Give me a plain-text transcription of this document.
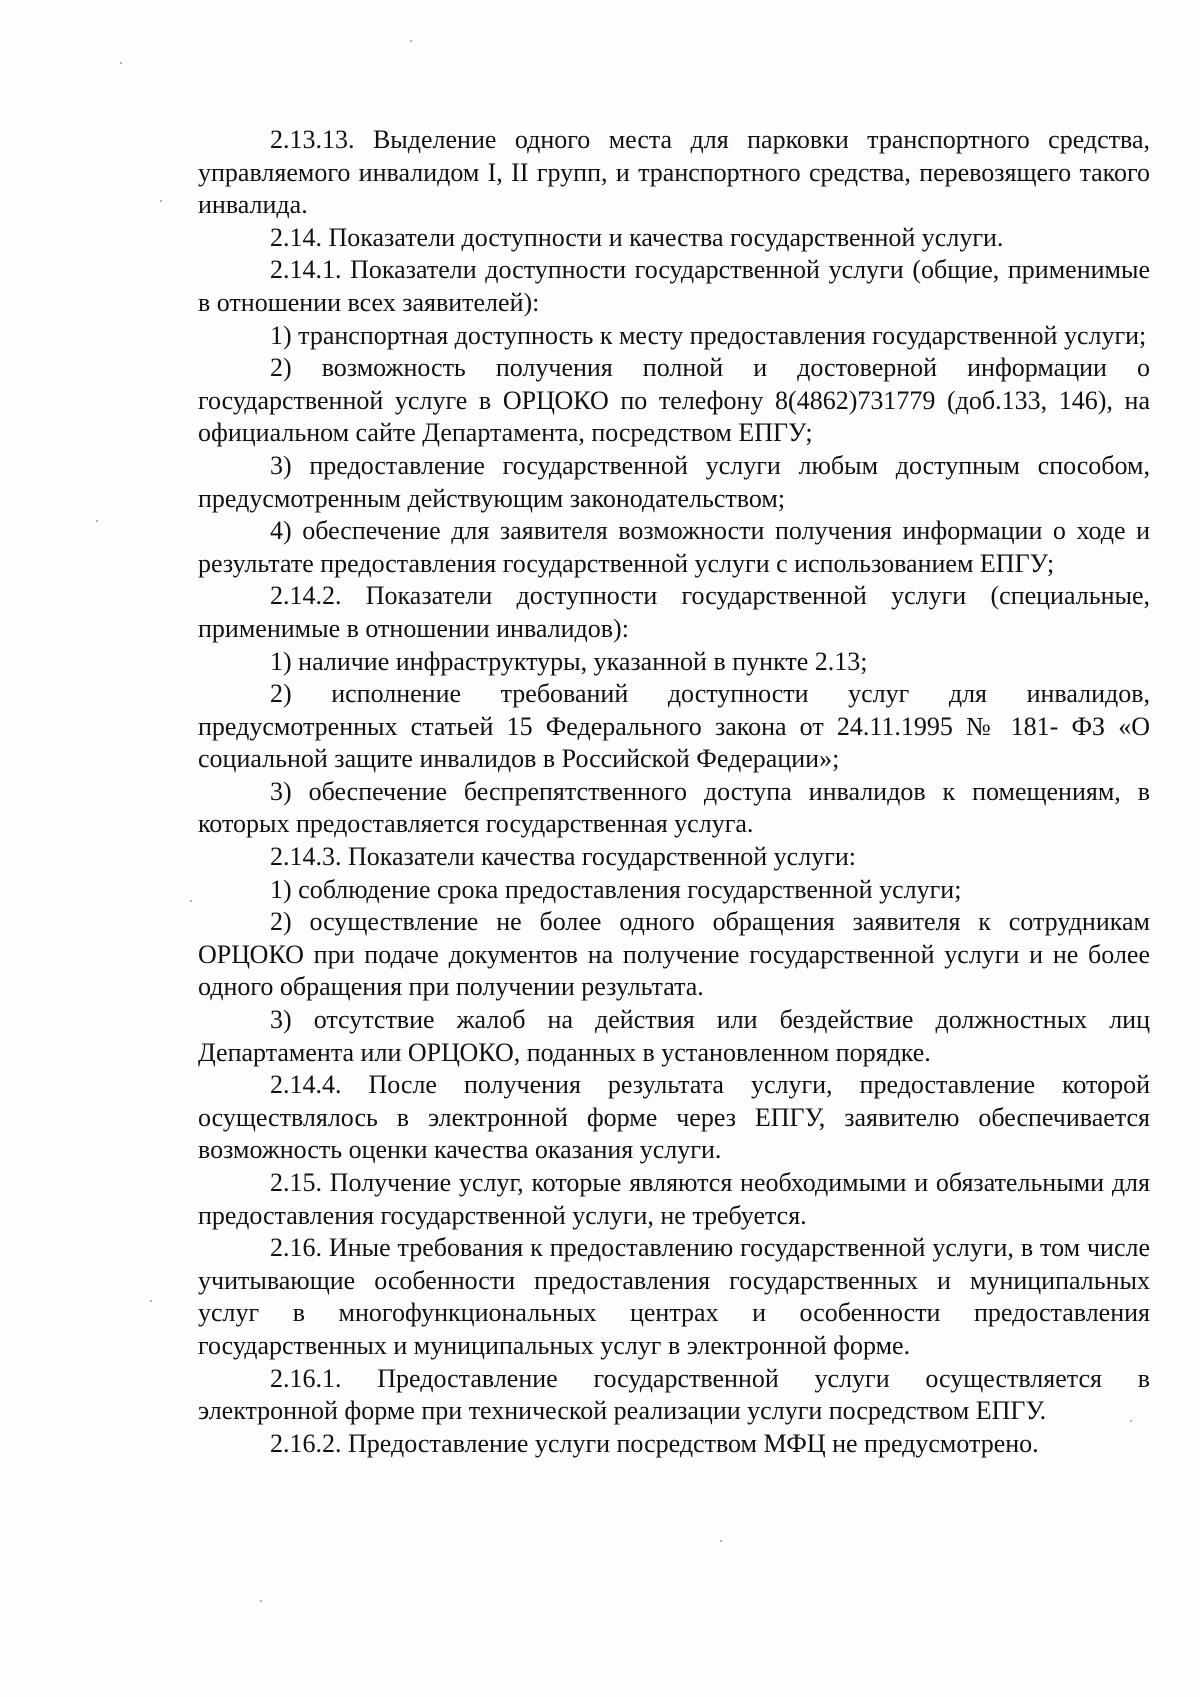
2.13.13. Выделение одного места для парковки транспортного средства, управляемого инвалидом I, II групп, и транспортного средства, перевозящего такого инвалида.

2.14. Показатели доступности и качества государственной услуги.

2.14.1. Показатели доступности государственной услуги (общие, применимые в отношении всех заявителей):

1) транспортная доступность к месту предоставления государственной услуги;

2) возможность получения полной и достоверной информации о государственной услуге в ОРЦОКО по телефону 8(4862)731779 (доб.133, 146), на официальном сайте Департамента, посредством ЕПГУ;

3) предоставление государственной услуги любым доступным способом, предусмотренным действующим законодательством;

4) обеспечение для заявителя возможности получения информации о ходе и результате предоставления государственной услуги с использованием ЕПГУ;

2.14.2. Показатели доступности государственной услуги (специальные, применимые в отношении инвалидов):

1) наличие инфраструктуры, указанной в пункте 2.13;

2) исполнение требований доступности услуг для инвалидов, предусмотренных статьей 15 Федерального закона от 24.11.1995 № 181- ФЗ «О социальной защите инвалидов в Российской Федерации»;

3) обеспечение беспрепятственного доступа инвалидов к помещениям, в которых предоставляется государственная услуга.

2.14.3. Показатели качества государственной услуги:

1) соблюдение срока предоставления государственной услуги;

2) осуществление не более одного обращения заявителя к сотрудникам ОРЦОКО при подаче документов на получение государственной услуги и не более одного обращения при получении результата.

3) отсутствие жалоб на действия или бездействие должностных лиц Департамента или ОРЦОКО, поданных в установленном порядке.

2.14.4. После получения результата услуги, предоставление которой осуществлялось в электронной форме через ЕПГУ, заявителю обеспечивается возможность оценки качества оказания услуги.

2.15. Получение услуг, которые являются необходимыми и обязательными для предоставления государственной услуги, не требуется.

2.16. Иные требования к предоставлению государственной услуги, в том числе учитывающие особенности предоставления государственных и муниципальных услуг в многофункциональных центрах и особенности предоставления государственных и муниципальных услуг в электронной форме.

2.16.1. Предоставление государственной услуги осуществляется в электронной форме при технической реализации услуги посредством ЕПГУ.

2.16.2. Предоставление услуги посредством МФЦ не предусмотрено.
